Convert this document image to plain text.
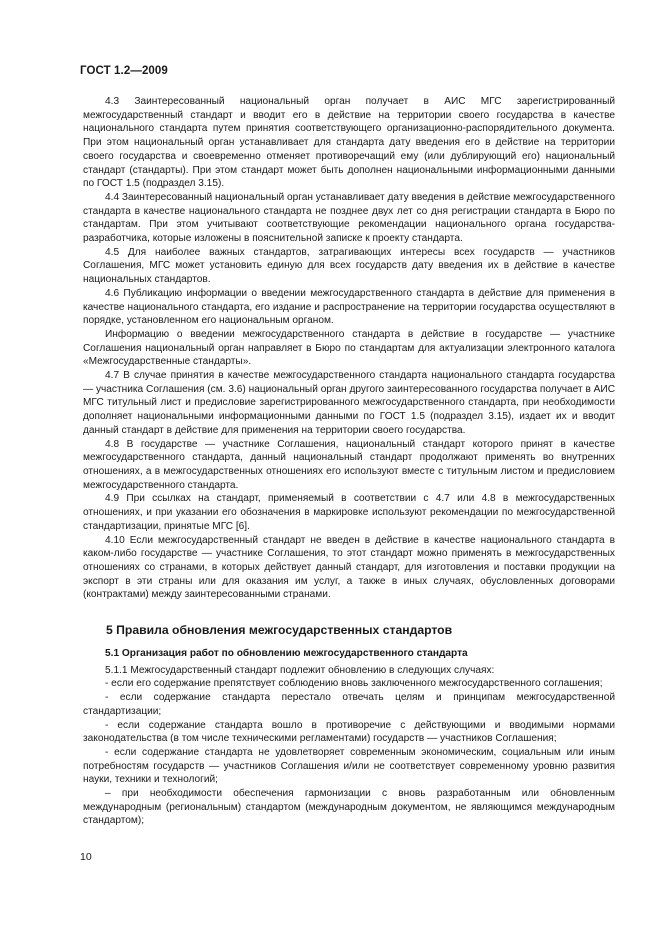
ГОСТ 1.2—2009

4.3 Заинтересованный национальный орган получает в АИС МГС зарегистрированный межгосударственный стандарт и вводит его в действие на территории своего государства в качестве национального стандарта путем принятия соответствующего организационно-распорядительного документа. При этом национальный орган устанавливает для стандарта дату введения его в действие на территории своего государства и своевременно отменяет противоречащий ему (или дублирующий его) национальный стандарт (стандарты). При этом стандарт может быть дополнен национальными информационными данными по ГОСТ 1.5 (подраздел 3.15).

4.4 Заинтересованный национальный орган устанавливает дату введения в действие межгосударственного стандарта в качестве национального стандарта не позднее двух лет со дня регистрации стандарта в Бюро по стандартам. При этом учитывают соответствующие рекомендации национального органа государства-разработчика, которые изложены в пояснительной записке к проекту стандарта.

4.5 Для наиболее важных стандартов, затрагивающих интересы всех государств — участников Соглашения, МГС может установить единую для всех государств дату введения их в действие в качестве национальных стандартов.

4.6 Публикацию информации о введении межгосударственного стандарта в действие для применения в качестве национального стандарта, его издание и распространение на территории государства осуществляют в порядке, установленном его национальным органом.

Информацию о введении межгосударственного стандарта в действие в государстве — участнике Соглашения национальный орган направляет в Бюро по стандартам для актуализации электронного каталога «Межгосударственные стандарты».

4.7 В случае принятия в качестве межгосударственного стандарта национального стандарта государства — участника Соглашения (см. 3.6) национальный орган другого заинтересованного государства получает в АИС МГС титульный лист и предисловие зарегистрированного межгосударственного стандарта, при необходимости дополняет национальными информационными данными по ГОСТ 1.5 (подраздел 3.15), издает их и вводит данный стандарт в действие для применения на территории своего государства.

4.8 В государстве — участнике Соглашения, национальный стандарт которого принят в качестве межгосударственного стандарта, данный национальный стандарт продолжают применять во внутренних отношениях, а в межгосударственных отношениях его используют вместе с титульным листом и предисловием межгосударственного стандарта.

4.9 При ссылках на стандарт, применяемый в соответствии с 4.7 или 4.8 в межгосударственных отношениях, и при указании его обозначения в маркировке используют рекомендации по межгосударственной стандартизации, принятые МГС [6].

4.10 Если межгосударственный стандарт не введен в действие в качестве национального стандарта в каком-либо государстве — участнике Соглашения, то этот стандарт можно применять в межгосударственных отношениях со странами, в которых действует данный стандарт, для изготовления и поставки продукции на экспорт в эти страны или для оказания им услуг, а также в иных случаях, обусловленных договорами (контрактами) между заинтересованными странами.

5 Правила обновления межгосударственных стандартов

5.1 Организация работ по обновлению межгосударственного стандарта

5.1.1 Межгосударственный стандарт подлежит обновлению в следующих случаях:

- если его содержание препятствует соблюдению вновь заключенного межгосударственного соглашения;

- если содержание стандарта перестало отвечать целям и принципам межгосударственной стандартизации;

- если содержание стандарта вошло в противоречие с действующими и вводимыми нормами законодательства (в том числе техническими регламентами) государств — участников Соглашения;

- если содержание стандарта не удовлетворяет современным экономическим, социальным или иным потребностям государств — участников Соглашения и/или не соответствует современному уровню развития науки, техники и технологий;

– при необходимости обеспечения гармонизации с вновь разработанным или обновленным международным (региональным) стандартом (международным документом, не являющимся международным стандартом);

10
